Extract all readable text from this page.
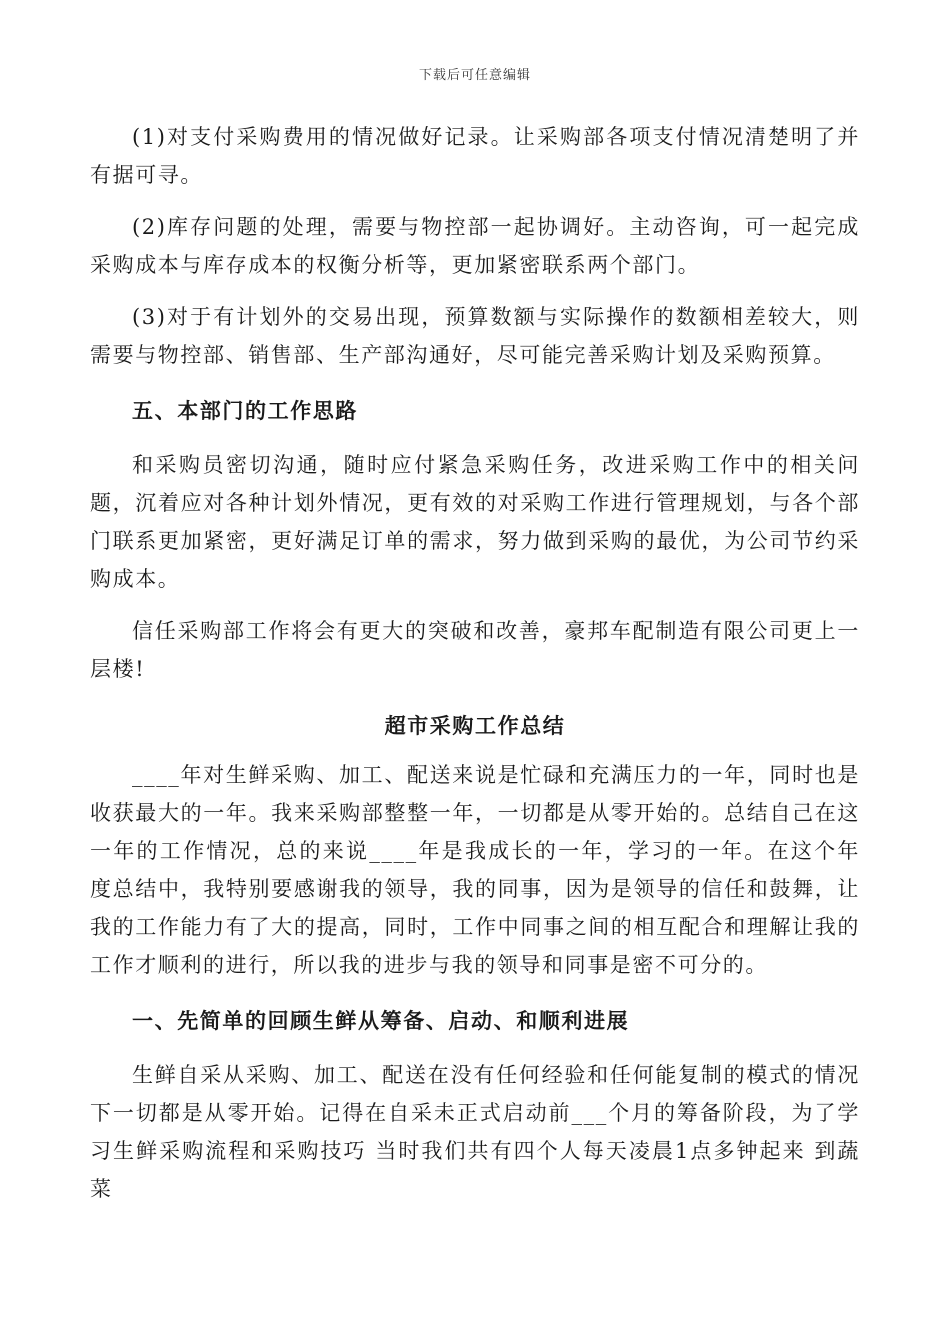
下载后可任意编辑

(1)对支付采购费用的情况做好记录。让采购部各项支付情况清楚明了并有据可寻。

(2)库存问题的处理，需要与物控部一起协调好。主动咨询，可一起完成采购成本与库存成本的权衡分析等，更加紧密联系两个部门。

(3)对于有计划外的交易出现，预算数额与实际操作的数额相差较大，则需要与物控部、销售部、生产部沟通好，尽可能完善采购计划及采购预算。

五、本部门的工作思路

和采购员密切沟通，随时应付紧急采购任务，改进采购工作中的相关问题，沉着应对各种计划外情况，更有效的对采购工作进行管理规划，与各个部门联系更加紧密，更好满足订单的需求，努力做到采购的最优，为公司节约采购成本。

信任采购部工作将会有更大的突破和改善，豪邦车配制造有限公司更上一层楼!

超市采购工作总结

____年对生鲜采购、加工、配送来说是忙碌和充满压力的一年，同时也是收获最大的一年。我来采购部整整一年，一切都是从零开始的。总结自己在这一年的工作情况，总的来说____年是我成长的一年，学习的一年。在这个年度总结中，我特别要感谢我的领导，我的同事，因为是领导的信任和鼓舞，让我的工作能力有了大的提高，同时，工作中同事之间的相互配合和理解让我的工作才顺利的进行，所以我的进步与我的领导和同事是密不可分的。

一、先简单的回顾生鲜从筹备、启动、和顺利进展

生鲜自采从采购、加工、配送在没有任何经验和任何能复制的模式的情况下一切都是从零开始。记得在自采未正式启动前___个月的筹备阶段，为了学习生鲜采购流程和采购技巧 当时我们共有四个人每天凌晨1点多钟起来 到蔬菜
